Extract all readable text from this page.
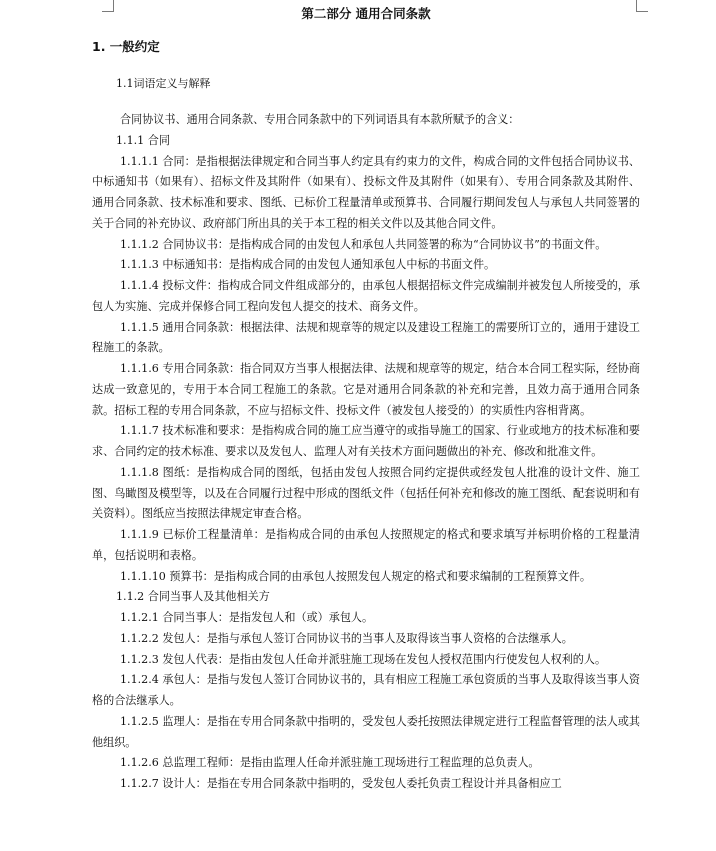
第二部分 通用合同条款
1. 一般约定
1.1词语定义与解释

合同协议书、通用合同条款、专用合同条款中的下列词语具有本款所赋予的含义：

1.1.1 合同

1.1.1.1 合同：是指根据法律规定和合同当事人约定具有约束力的文件，构成合同的文件包括合同协议书、中标通知书（如果有）、招标文件及其附件（如果有）、投标文件及其附件（如果有）、专用合同条款及其附件、通用合同条款、技术标准和要求、图纸、已标价工程量清单或预算书、合同履行期间发包人与承包人共同签署的关于合同的补充协议、政府部门所出具的关于本工程的相关文件以及其他合同文件。

1.1.1.2 合同协议书：是指构成合同的由发包人和承包人共同签署的称为“合同协议书”的书面文件。

1.1.1.3 中标通知书：是指构成合同的由发包人通知承包人中标的书面文件。

1.1.1.4 投标文件：指构成合同文件组成部分的，由承包人根据招标文件完成编制并被发包人所接受的，承包人为实施、完成并保修合同工程向发包人提交的技术、商务文件。

1.1.1.5 通用合同条款：根据法律、法规和规章等的规定以及建设工程施工的需要所订立的，通用于建设工程施工的条款。

1.1.1.6 专用合同条款：指合同双方当事人根据法律、法规和规章等的规定，结合本合同工程实际，经协商达成一致意见的，专用于本合同工程施工的条款。它是对通用合同条款的补充和完善，且效力高于通用合同条款。招标工程的专用合同条款，不应与招标文件、投标文件（被发包人接受的）的实质性内容相背离。

1.1.1.7 技术标准和要求：是指构成合同的施工应当遵守的或指导施工的国家、行业或地方的技术标准和要求、合同约定的技术标准、要求以及发包人、监理人对有关技术方面问题做出的补充、修改和批准文件。

1.1.1.8 图纸：是指构成合同的图纸，包括由发包人按照合同约定提供或经发包人批准的设计文件、施工图、鸟瞰图及模型等，以及在合同履行过程中形成的图纸文件（包括任何补充和修改的施工图纸、配套说明和有关资料）。图纸应当按照法律规定审查合格。

1.1.1.9 已标价工程量清单：是指构成合同的由承包人按照规定的格式和要求填写并标明价格的工程量清单，包括说明和表格。

1.1.1.10 预算书：是指构成合同的由承包人按照发包人规定的格式和要求编制的工程预算文件。

1.1.2 合同当事人及其他相关方

1.1.2.1 合同当事人：是指发包人和（或）承包人。

1.1.2.2 发包人：是指与承包人签订合同协议书的当事人及取得该当事人资格的合法继承人。

1.1.2.3 发包人代表：是指由发包人任命并派驻施工现场在发包人授权范围内行使发包人权利的人。

1.1.2.4 承包人：是指与发包人签订合同协议书的，具有相应工程施工承包资质的当事人及取得该当事人资格的合法继承人。

1.1.2.5 监理人：是指在专用合同条款中指明的，受发包人委托按照法律规定进行工程监督管理的法人或其他组织。

1.1.2.6 总监理工程师：是指由监理人任命并派驻施工现场进行工程监理的总负责人。

1.1.2.7 设计人：是指在专用合同条款中指明的，受发包人委托负责工程设计并具备相应工
